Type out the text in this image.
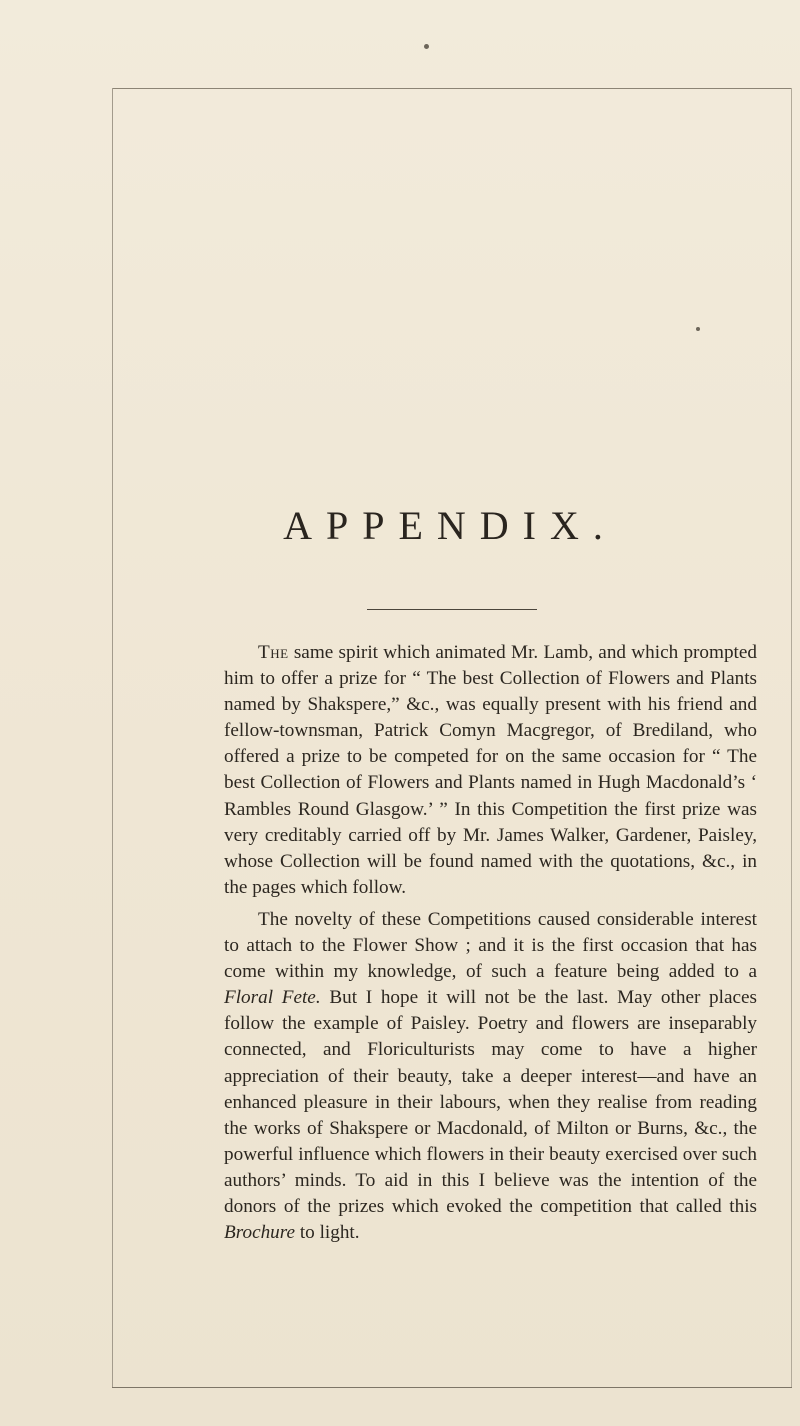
APPENDIX.

The same spirit which animated Mr. Lamb, and which prompted him to offer a prize for “ The best Collection of Flowers and Plants named by Shakspere,” &c., was equally present with his friend and fellow-townsman, Patrick Comyn Macgregor, of Brediland, who offered a prize to be competed for on the same occasion for “ The best Collection of Flowers and Plants named in Hugh Macdonald’s ‘ Rambles Round Glasgow.’ ” In this Competition the first prize was very creditably carried off by Mr. James Walker, Gardener, Paisley, whose Collection will be found named with the quotations, &c., in the pages which follow.

The novelty of these Competitions caused considerable interest to attach to the Flower Show ; and it is the first occasion that has come within my knowledge, of such a feature being added to a Floral Fete. But I hope it will not be the last. May other places follow the example of Paisley. Poetry and flowers are inseparably connected, and Floriculturists may come to have a higher appreciation of their beauty, take a deeper interest—and have an enhanced pleasure in their labours, when they realise from reading the works of Shakspere or Macdonald, of Milton or Burns, &c., the powerful influence which flowers in their beauty exercised over such authors’ minds. To aid in this I believe was the intention of the donors of the prizes which evoked the competition that called this Brochure to light.
